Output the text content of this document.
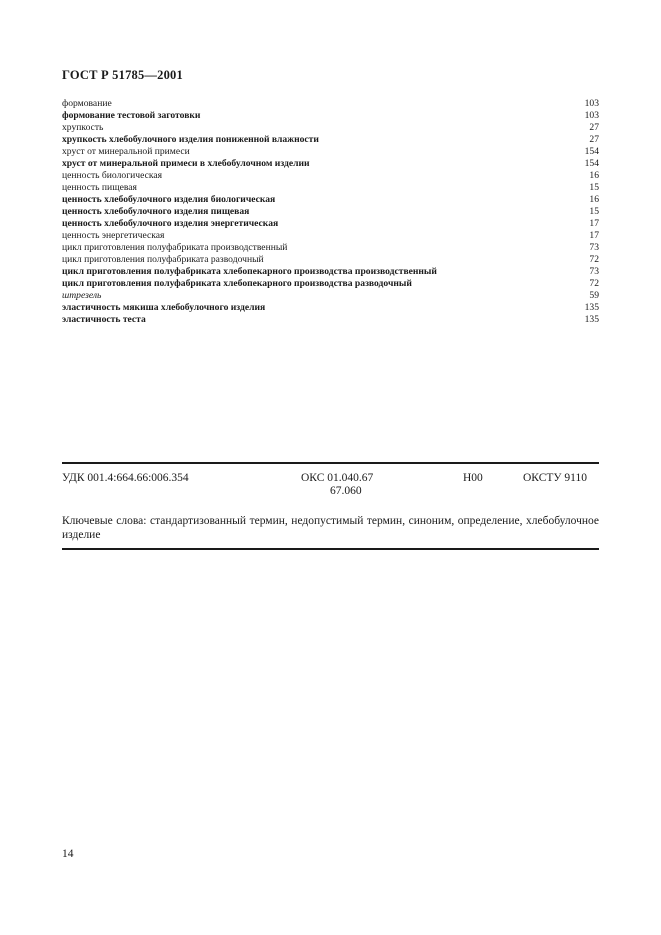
ГОСТ Р 51785—2001
формование	103
формование тестовой заготовки	103
хрупкость	27
хрупкость хлебобулочного изделия пониженной влажности	27
хруст от минеральной примеси	154
хруст от минеральной примеси в хлебобулочном изделии	154
ценность биологическая	16
ценность пищевая	15
ценность хлебобулочного изделия биологическая	16
ценность хлебобулочного изделия пищевая	15
ценность хлебобулочного изделия энергетическая	17
ценность энергетическая	17
цикл приготовления полуфабриката производственный	73
цикл приготовления полуфабриката разводочный	72
цикл приготовления полуфабриката хлебопекарного производства производственный	73
цикл приготовления полуфабриката хлебопекарного производства разводочный	72
штрезель	59
эластичность мякиша хлебобулочного изделия	135
эластичность теста	135
УДК 001.4:664.66:006.354	ОКС 01.040.67
67.060
Н00	ОКСТУ 9110
Ключевые слова: стандартизованный термин, недопустимый термин, синоним, определение, хлебобулочное изделие
14
